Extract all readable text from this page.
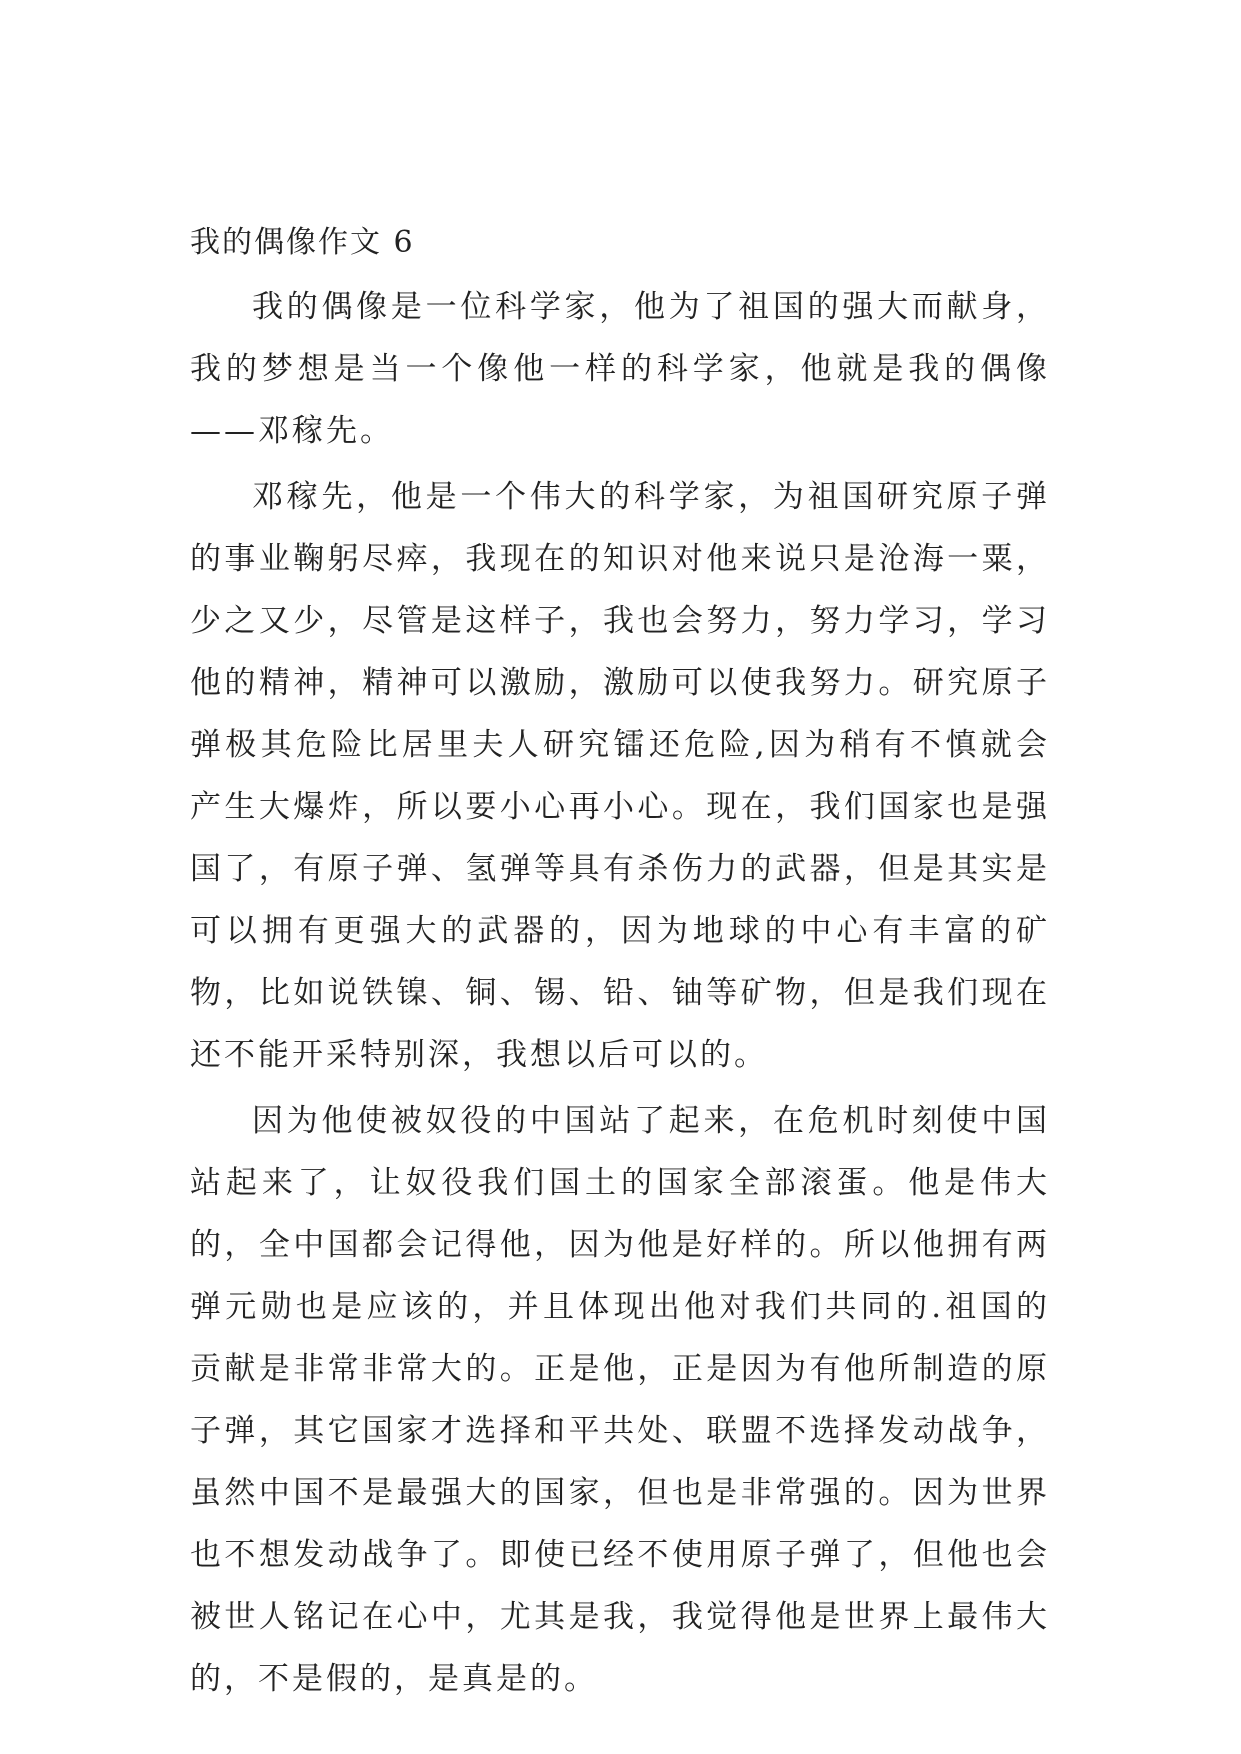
我的偶像作文 6

我的偶像是一位科学家，他为了祖国的强大而献身，我的梦想是当一个像他一样的科学家，他就是我的偶像——邓稼先。

邓稼先，他是一个伟大的科学家，为祖国研究原子弹的事业鞠躬尽瘁，我现在的知识对他来说只是沧海一粟，少之又少，尽管是这样子，我也会努力，努力学习，学习他的精神，精神可以激励，激励可以使我努力。研究原子弹极其危险比居里夫人研究镭还危险,因为稍有不慎就会产生大爆炸，所以要小心再小心。现在，我们国家也是强国了，有原子弹、氢弹等具有杀伤力的武器，但是其实是可以拥有更强大的武器的，因为地球的中心有丰富的矿物，比如说铁镍、铜、锡、铅、铀等矿物，但是我们现在还不能开采特别深，我想以后可以的。

因为他使被奴役的中国站了起来，在危机时刻使中国站起来了，让奴役我们国土的国家全部滚蛋。他是伟大的，全中国都会记得他，因为他是好样的。所以他拥有两弹元勋也是应该的，并且体现出他对我们共同的.祖国的贡献是非常非常大的。正是他，正是因为有他所制造的原子弹，其它国家才选择和平共处、联盟不选择发动战争，虽然中国不是最强大的国家，但也是非常强的。因为世界也不想发动战争了。即使已经不使用原子弹了，但他也会被世人铭记在心中，尤其是我，我觉得他是世界上最伟大的，不是假的，是真是的。
